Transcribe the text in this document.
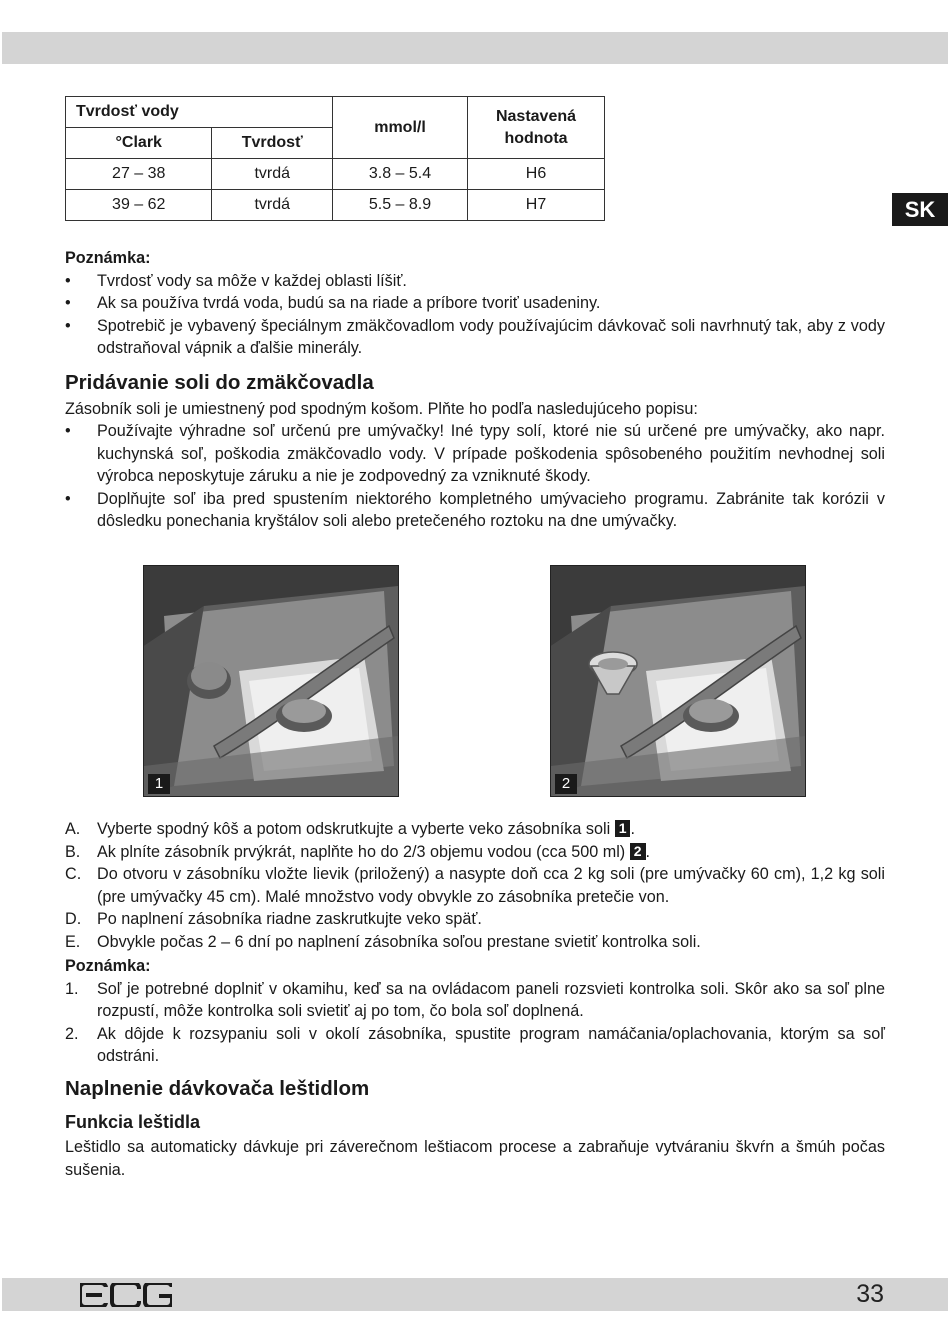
SK
Tvrdosť vody		mmol/l	Nastavená
hodnota
°Clark	Tvrdosť		
27 – 38	tvrdá	3.8 – 5.4	H6
39 – 62	tvrdá	5.5 – 8.9	H7
Poznámka:
• Tvrdosť vody sa môže v každej oblasti líšiť.
• Ak sa používa tvrdá voda, budú sa na riade a príbore tvoriť usadeniny.
• Spotrebič je vybavený špeciálnym zmäkčovadlom vody používajúcim dávkovač soli navrhnutý tak, aby z vody odstraňoval vápnik a ďalšie minerály.
Pridávanie soli do zmäkčovadla
Zásobník soli je umiestnený pod spodným košom. Plňte ho podľa nasledujúceho popisu:
• Používajte výhradne soľ určenú pre umývačky! Iné typy solí, ktoré nie sú určené pre umývačky, ako napr. kuchynská soľ, poškodia zmäkčovadlo vody. V prípade poškodenia spôsobeného použitím nevhodnej soli výrobca neposkytuje záruku a nie je zodpovedný za vzniknuté škody.
• Doplňujte soľ iba pred spustením niektorého kompletného umývacieho programu. Zabránite tak korózii v dôsledku ponechania kryštálov soli alebo pretečeného roztoku na dne umývačky.
1	2
A. Vyberte spodný kôš a potom odskrutkujte a vyberte veko zásobníka soli 1 .
B. Ak plníte zásobník prvýkrát, naplňte ho do 2/3 objemu vodou (cca 500 ml) 2 .
C. Do otvoru v zásobníku vložte lievik (priložený) a nasypte doň cca 2 kg soli (pre umývačky 60 cm), 1,2 kg soli (pre umývačky 45 cm). Malé množstvo vody obvykle zo zásobníka pretečie von.
D. Po naplnení zásobníka riadne zaskrutkujte veko späť.
E. Obvykle počas 2 – 6 dní po naplnení zásobníka soľou prestane svietiť kontrolka soli.
Poznámka:
1. Soľ je potrebné doplniť v okamihu, keď sa na ovládacom paneli rozsvieti kontrolka soli. Skôr ako sa soľ plne rozpustí, môže kontrolka soli svietiť aj po tom, čo bola soľ doplnená.
2. Ak dôjde k rozsypaniu soli v okolí zásobníka, spustite program namáčania/oplachovania, ktorým sa soľ odstráni.
Naplnenie dávkovača leštidlom
Funkcia leštidla
Leštidlo sa automaticky dávkuje pri záverečnom leštiacom procese a zabraňuje vytváraniu škvŕn a šmúh počas sušenia.
33
